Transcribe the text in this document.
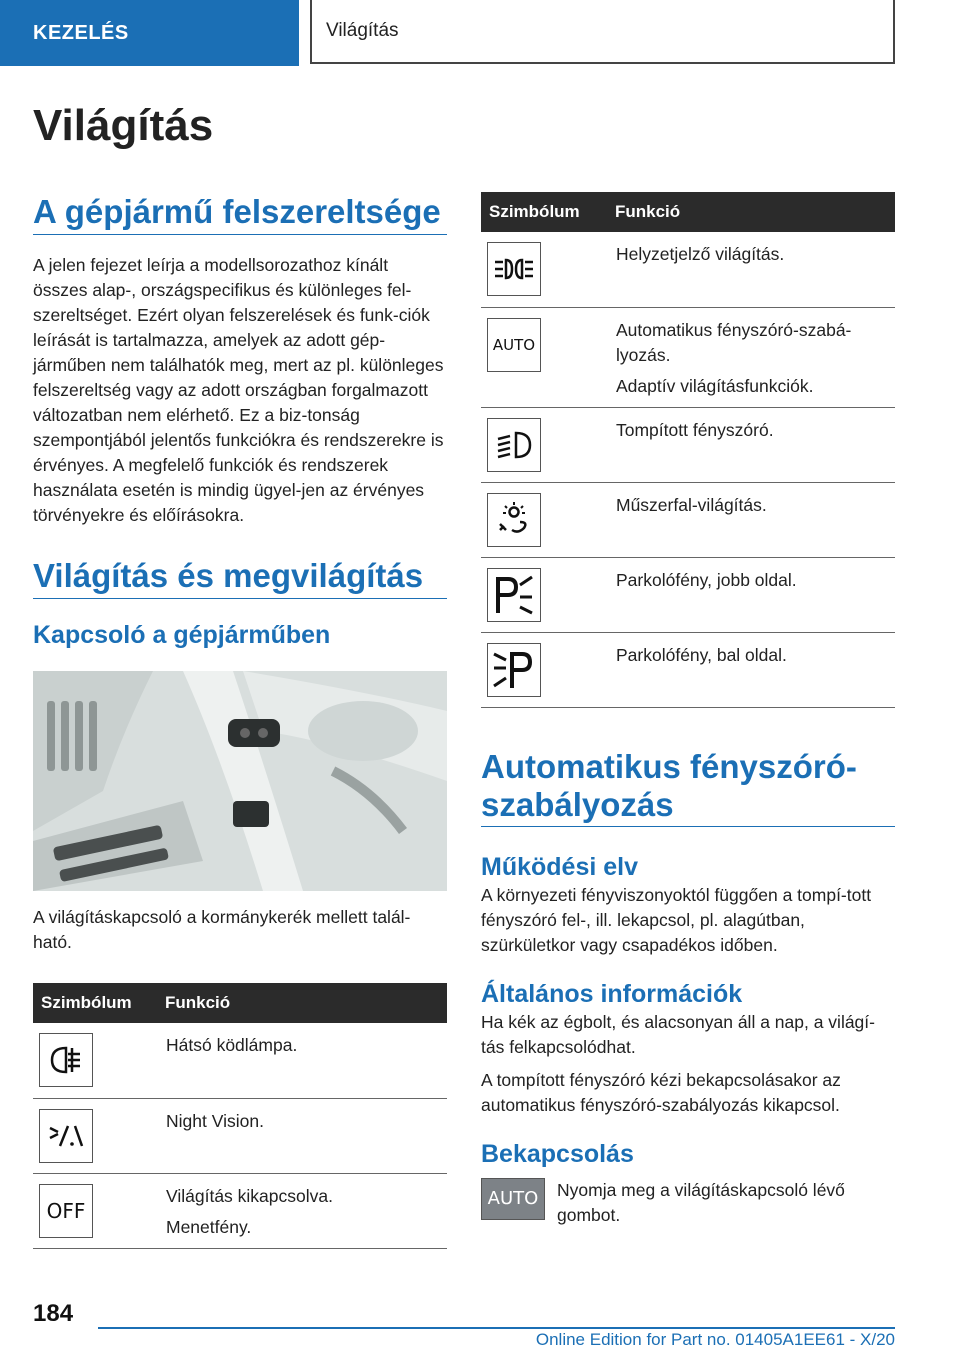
KEZELÉS	Világítás
Világítás
A gépjármű felszereltsége

A jelen fejezet leírja a modellsorozathoz kínált összes alap-, országspecifikus és különleges fel-szereltséget. Ezért olyan felszerelések és funk-ciók leírását is tartalmazza, amelyek az adott gép-járműben nem találhatók meg, mert az pl. különleges felszereltség vagy az adott országban forgalmazott változatban nem elérhető. Ez a biz-tonság szempontjából jelentős funkciókra és rendszerekre is érvényes. A megfelelő funkciók és rendszerek használata esetén is mindig ügyel-jen az érvényes törvényekre és előírásokra.

Világítás és megvilágítás
Kapcsoló a gépjárműben

A világításkapcsoló a kormánykerék mellett talál-ható.

Szimbólum	Funkció

Hátsó ködlámpa.

Night Vision.

OFF	Világítás kikapcsolva.
Menetfény.
Szimbólum	Funkció

Helyzetjelző világítás.

AUTO	Automatikus fényszóró-szabá-lyozás.
Adaptív világításfunkciók.

Tompított fényszóró.

Műszerfal-világítás.

Parkolófény, jobb oldal.

Parkolófény, bal oldal.
Automatikus fényszóró-szabályozás
Működési elv

A környezeti fényviszonyoktól függően a tompí-tott fényszóró fel-, ill. lekapcsol, pl. alagútban, szürkületkor vagy csapadékos időben.

Általános információk

Ha kék az égbolt, és alacsonyan áll a nap, a világí-tás felkapcsolódhat.

A tompított fényszóró kézi bekapcsolásakor az automatikus fényszóró-szabályozás kikapcsol.

Bekapcsolás
AUTO	Nyomja meg a világításkapcsoló lévő gombot.

184
Online Edition for Part no. 01405A1EE61 - X/20
